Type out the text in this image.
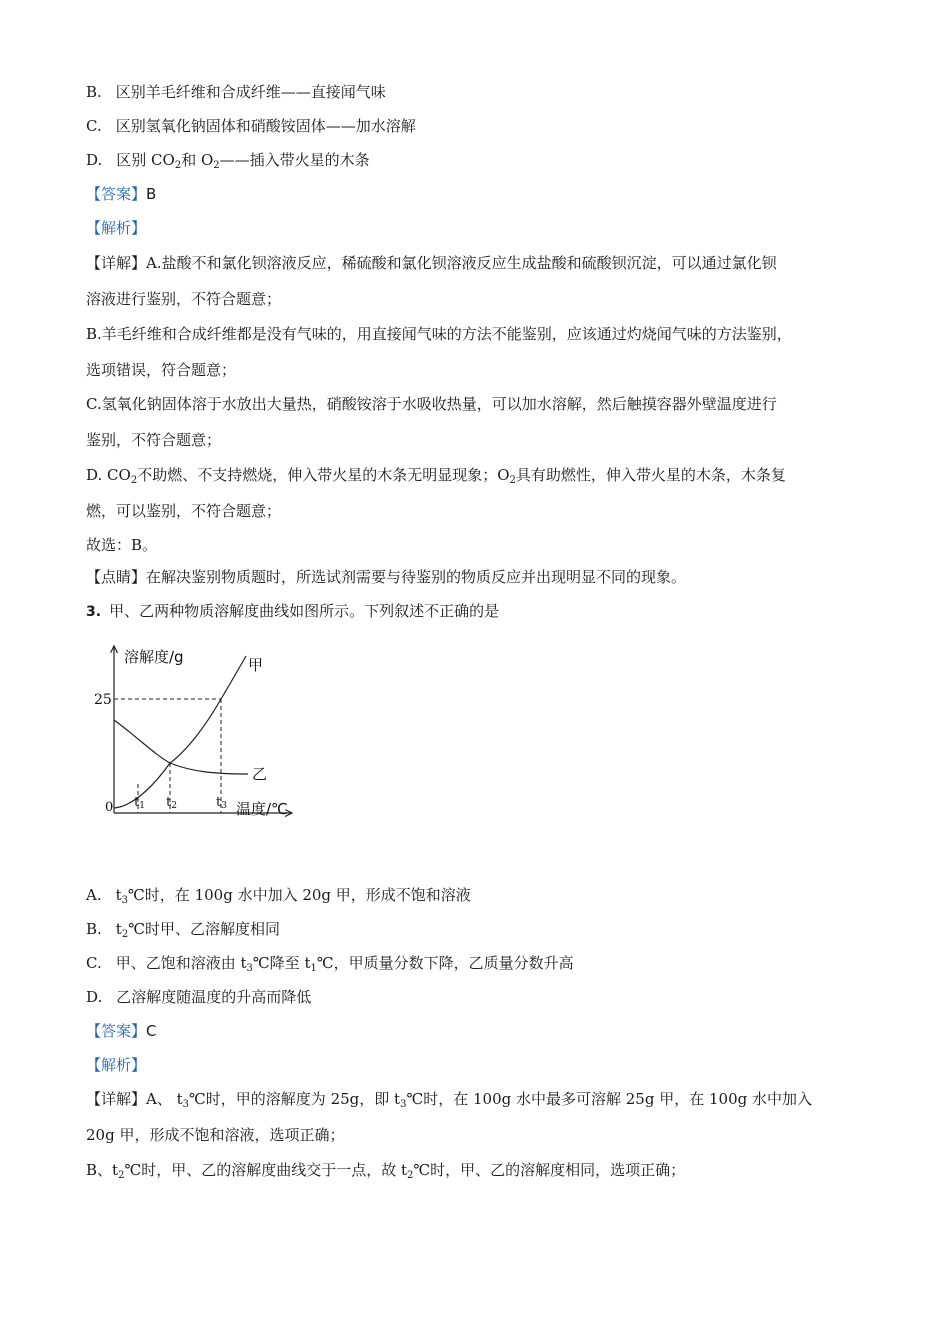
B. 区别羊毛纤维和合成纤维——直接闻气味
C. 区别氢氧化钠固体和硝酸铵固体——加水溶解
D. 区别 $CO_2$和 $O_2——$插入带火星的木条
【答案】B
【解析】
【详解】A.盐酸不和氯化钡溶液反应，稀硫酸和氯化钡溶液反应生成盐酸和硫酸钡沉淀，可以通过氯化钡
溶液进行鉴别，不符合题意；
B.羊毛纤维和合成纤维都是没有气味的，用直接闻气味的方法不能鉴别，应该通过灼烧闻气味的方法鉴别，
选项错误，符合题意；
C.氢氧化钠固体溶于水放出大量热，硝酸铵溶于水吸收热量，可以加水溶解，然后触摸容器外壁温度进行
鉴别，不符合题意；
D. $CO_2$不助燃、不支持燃烧，伸入带火星的木条无明显现象；$O_2$具有助燃性，伸入带火星的木条，木条复
燃，可以鉴别，不符合题意；
故选：B。
【点睛】在解决鉴别物质题时，所选试剂需要与待鉴别的物质反应并出现明显不同的现象。
3. 甲、乙两种物质溶解度曲线如图所示。下列叙述不正确的是
溶解度/g	甲
乙
25
0 t1 t2	t3 温度/℃
A. $t_3℃$时，在 100g 水中加入 20g 甲，形成不饱和溶液
B. $t_2℃$时甲、乙溶解度相同
C. 甲、乙饱和溶液由 $t_3℃$降至 $t_1℃$，甲质量分数下降，乙质量分数升高
D. 乙溶解度随温度的升高而降低
【答案】C
【解析】
【详解】A、 $t_3℃$时，甲的溶解度为 25g，即 $t_3℃$时，在 100g 水中最多可溶解 25g 甲，在 100g 水中加入
20g 甲，形成不饱和溶液，选项正确；
B、$t_2℃$时，甲、乙的溶解度曲线交于一点，故 $t_2℃$时，甲、乙的溶解度相同，选项正确；
